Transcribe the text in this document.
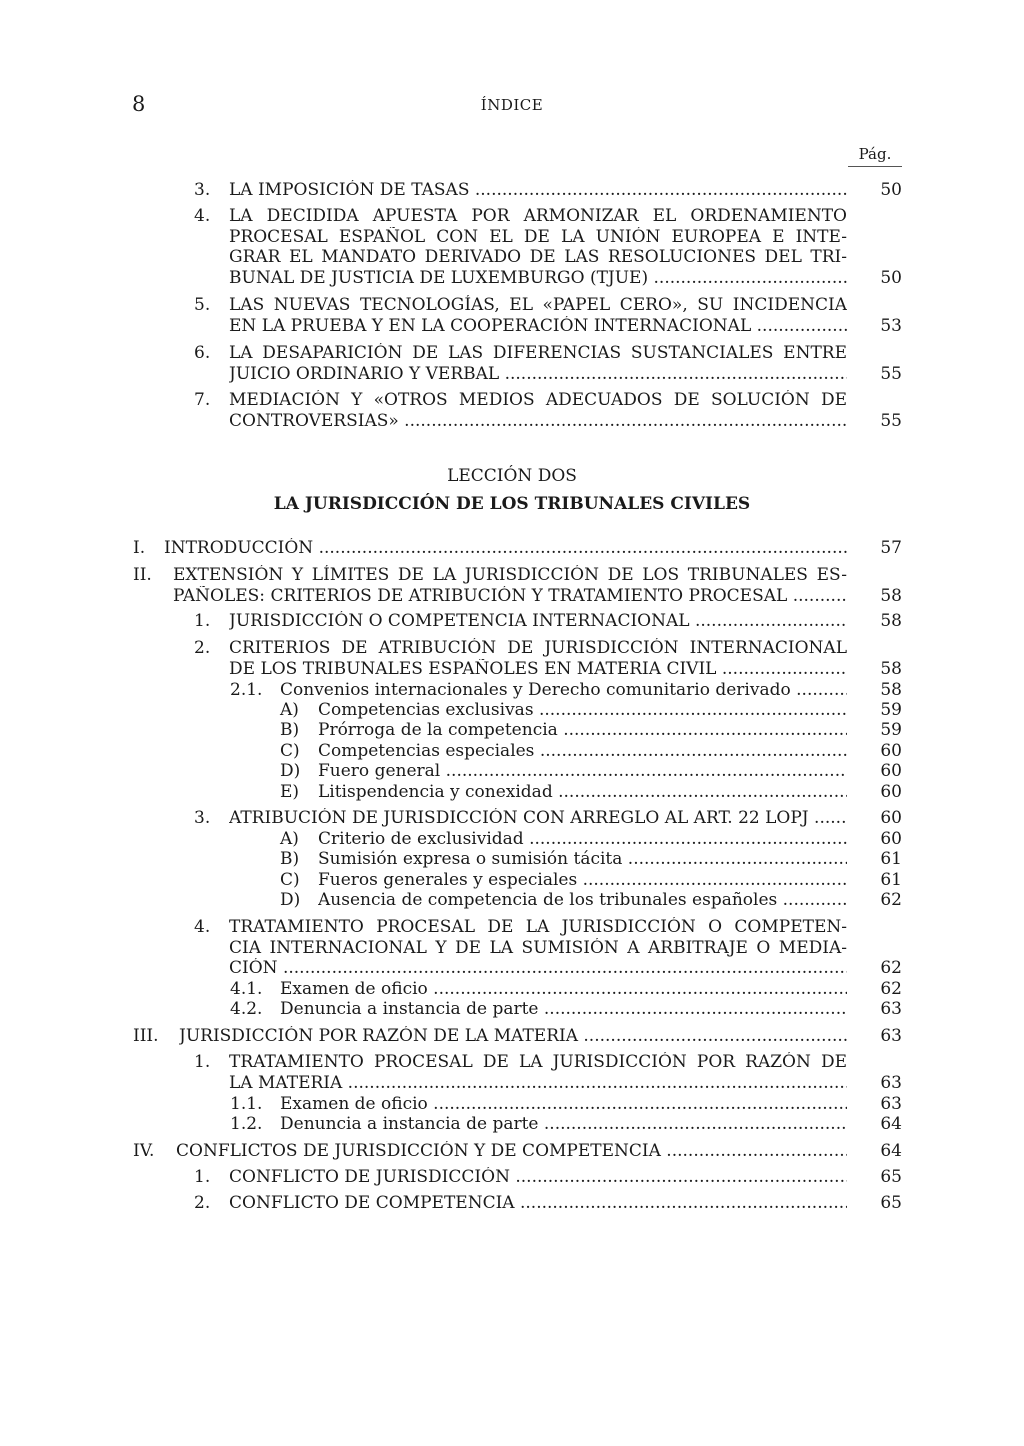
8	ÍNDICE
Pág.
3. LA IMPOSICIÓN DE TASAS .....	50
4. LA DECIDIDA APUESTA POR ARMONIZAR EL ORDENAMIENTO
PROCESAL ESPAÑOL CON EL DE LA UNIÓN EUROPEA E INTE-
GRAR EL MANDATO DERIVADO DE LAS RESOLUCIONES DEL TRI-
BUNAL DE JUSTICIA DE LUXEMBURGO (TJUE) .....	50
5. LAS NUEVAS TECNOLOGÍAS, EL «PAPEL CERO», SU INCIDENCIA
EN LA PRUEBA Y EN LA COOPERACIÓN INTERNACIONAL .....	53
6. LA DESAPARICIÓN DE LAS DIFERENCIAS SUSTANCIALES ENTRE
JUICIO ORDINARIO Y VERBAL .....	55
7. MEDIACIÓN Y «OTROS MEDIOS ADECUADOS DE SOLUCIÓN DE
CONTROVERSIAS» .....	55
LECCIÓN DOS
LA JURISDICCIÓN DE LOS TRIBUNALES CIVILES
I. INTRODUCCIÓN .....	57
II. EXTENSIÓN Y LÍMITES DE LA JURISDICCIÓN DE LOS TRIBUNALES ES-
PAÑOLES: CRITERIOS DE ATRIBUCIÓN Y TRATAMIENTO PROCESAL .....	58
1. JURISDICCIÓN O COMPETENCIA INTERNACIONAL .....	58
2. CRITERIOS DE ATRIBUCIÓN DE JURISDICCIÓN INTERNACIONAL
DE LOS TRIBUNALES ESPAÑOLES EN MATERIA CIVIL .....	58
2.1. Convenios internacionales y Derecho comunitario derivado .....	58
A) Competencias exclusivas .....	59
B) Prórroga de la competencia .....	59
C) Competencias especiales .....	60
D) Fuero general .....	60
E) Litispendencia y conexidad .....	60
3. ATRIBUCIÓN DE JURISDICCIÓN CON ARREGLO AL ART. 22 LOPJ .....	60
A) Criterio de exclusividad .....	60
B) Sumisión expresa o sumisión tácita .....	61
C) Fueros generales y especiales .....	61
D) Ausencia de competencia de los tribunales españoles .....	62
4. TRATAMIENTO PROCESAL DE LA JURISDICCIÓN O COMPETEN-
CIA INTERNACIONAL Y DE LA SUMISIÓN A ARBITRAJE O MEDIA-
CIÓN .....	62
4.1. Examen de oficio .....	62
4.2. Denuncia a instancia de parte .....	63
III. JURISDICCIÓN POR RAZÓN DE LA MATERIA .....	63
1. TRATAMIENTO PROCESAL DE LA JURISDICCIÓN POR RAZÓN DE
LA MATERIA .....	63
1.1. Examen de oficio .....	63
1.2. Denuncia a instancia de parte .....	64
IV. CONFLICTOS DE JURISDICCIÓN Y DE COMPETENCIA .....	64
1. CONFLICTO DE JURISDICCIÓN .....	65
2. CONFLICTO DE COMPETENCIA .....	65
